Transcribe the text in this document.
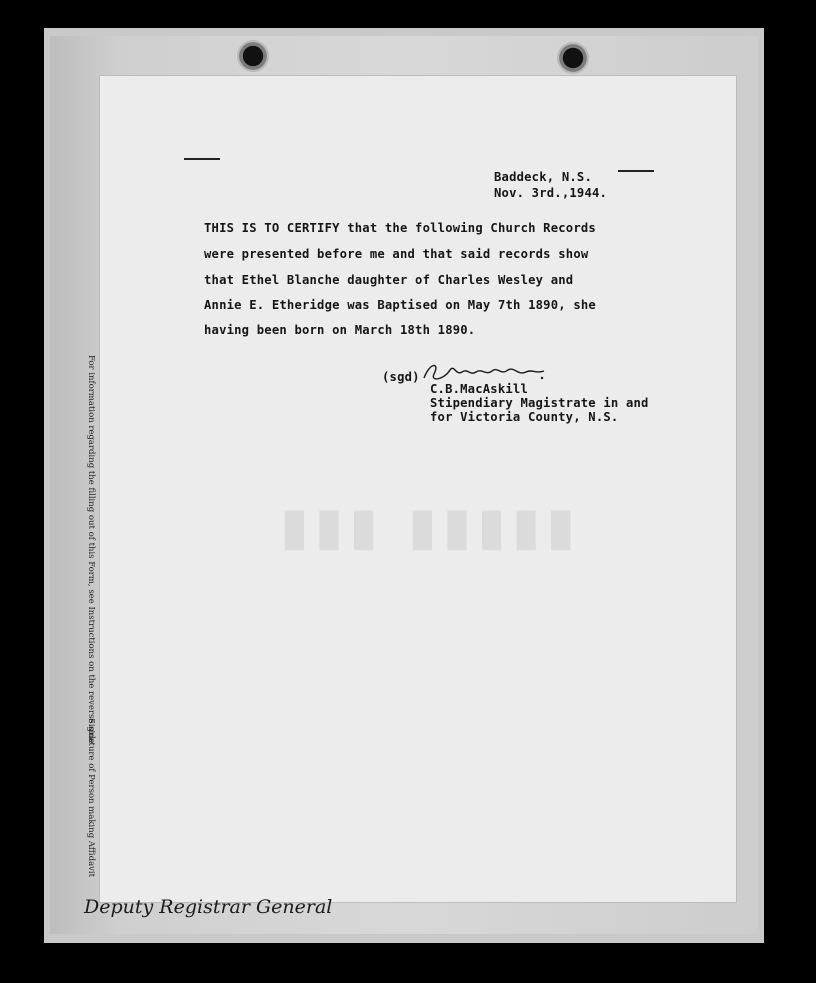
For information regarding the filling out of this Form, see Instructions on the reverse side
Signature of Person making Affidavit
▮▮▮ ▮▮▮▮▮
Baddeck, N.S.
Nov. 3rd.,1944.
THIS IS TO CERTIFY that the following Church Records
were presented before me and that said records show
that Ethel Blanche daughter of Charles Wesley and
Annie E. Etheridge was Baptised on May 7th 1890, she
having been born on March 18th 1890.
(sgd)
C.B.MacAskill
Stipendiary Magistrate in and
for Victoria County, N.S.
Deputy Registrar General
